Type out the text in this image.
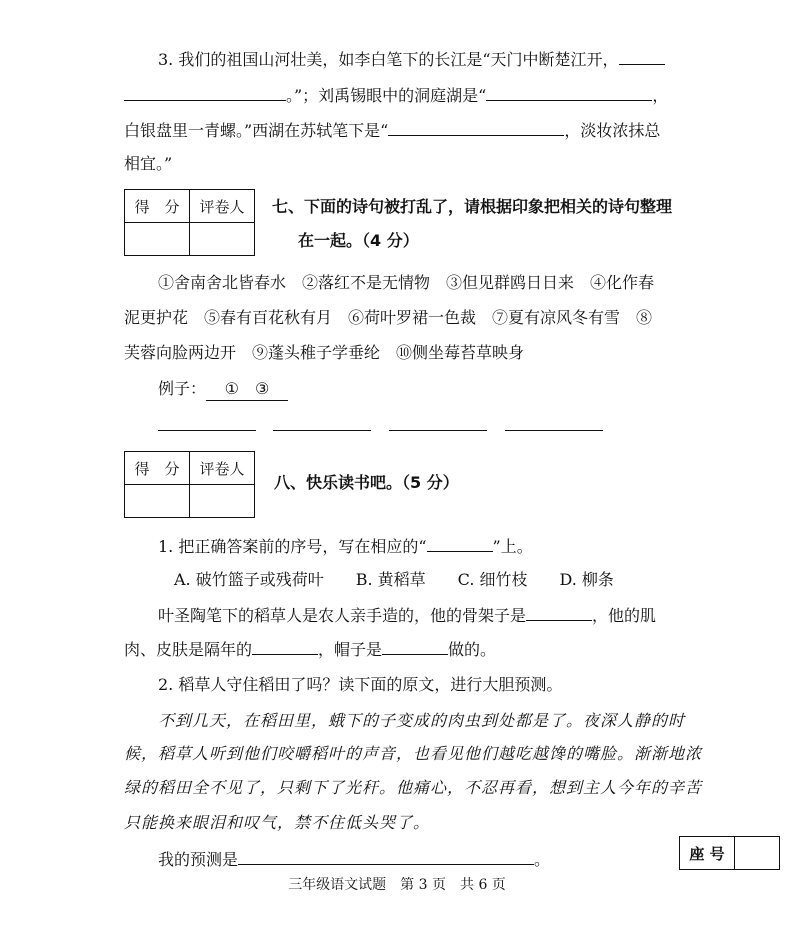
3. 我们的祖国山河壮美，如李白笔下的长江是“天门中断楚江开，
。”；刘禹锡眼中的洞庭湖是“	，
白银盘里一青螺。”西湖在苏轼笔下是“	，淡妆浓抹总
相宜。”
得　分	评卷人
	七、下面的诗句被打乱了，请根据印象把相关的诗句整理
在一起。（4 分）
①舍南舍北皆春水　②落红不是无情物　③但见群鸥日日来　④化作春
泥更护花　⑤春有百花秋有月　⑥荷叶罗裙一色裁　⑦夏有凉风冬有雪　⑧
芙蓉向脸两边开　⑨蓬头稚子学垂纶　⑩侧坐莓苔草映身
例子： ①　③
得　分	评卷人

八、快乐读书吧。（5 分）
1. 把正确答案前的序号，写在相应的“	”上。
A. 破竹篮子或残荷叶　　B. 黄稻草　　C. 细竹枝　　D. 柳条
叶圣陶笔下的稻草人是农人亲手造的，他的骨架子是	，他的肌
肉、皮肤是隔年的	，帽子是	做的。
2. 稻草人守住稻田了吗？读下面的原文，进行大胆预测。
不到几天，在稻田里，蛾下的子变成的肉虫到处都是了。夜深人静的时
候，稻草人听到他们咬嚼稻叶的声音，也看见他们越吃越馋的嘴脸。渐渐地浓
绿的稻田全不见了，只剩下了光秆。他痛心，不忍再看，想到主人今年的辛苦
只能换来眼泪和叹气，禁不住低头哭了。
我的预测是	。	座 号	
三年级语文试题　第 3 页　共 6 页
